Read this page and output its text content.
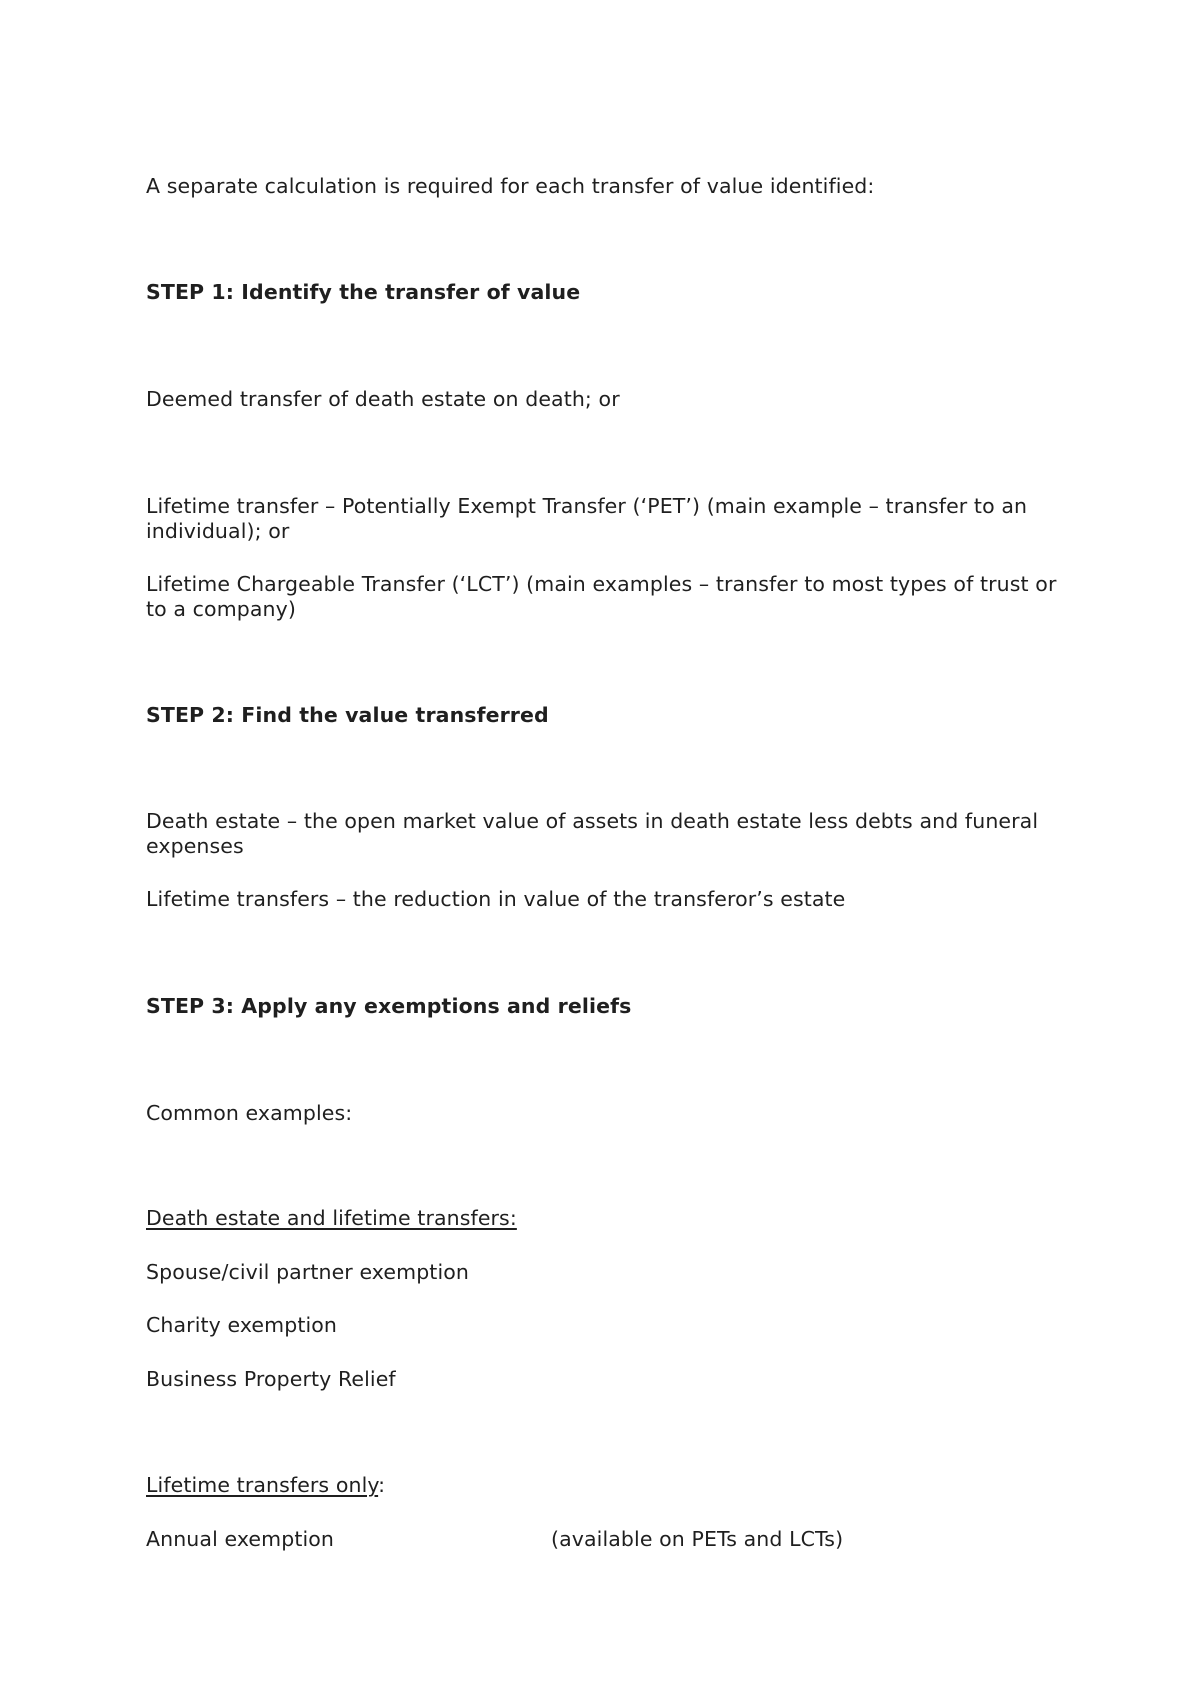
A separate calculation is required for each transfer of value identified:
STEP 1: Identify the transfer of value
Deemed transfer of death estate on death; or
Lifetime transfer – Potentially Exempt Transfer (‘PET’) (main example – transfer to an individual); or
Lifetime Chargeable Transfer (‘LCT’) (main examples – transfer to most types of trust or to a company)
STEP 2: Find the value transferred
Death estate – the open market value of assets in death estate less debts and funeral expenses
Lifetime transfers – the reduction in value of the transferor’s estate
STEP 3: Apply any exemptions and reliefs
Common examples:
Death estate and lifetime transfers:
Spouse/civil partner exemption
Charity exemption
Business Property Relief
Lifetime transfers only:
Annual exemption	(available on PETs and LCTs)
